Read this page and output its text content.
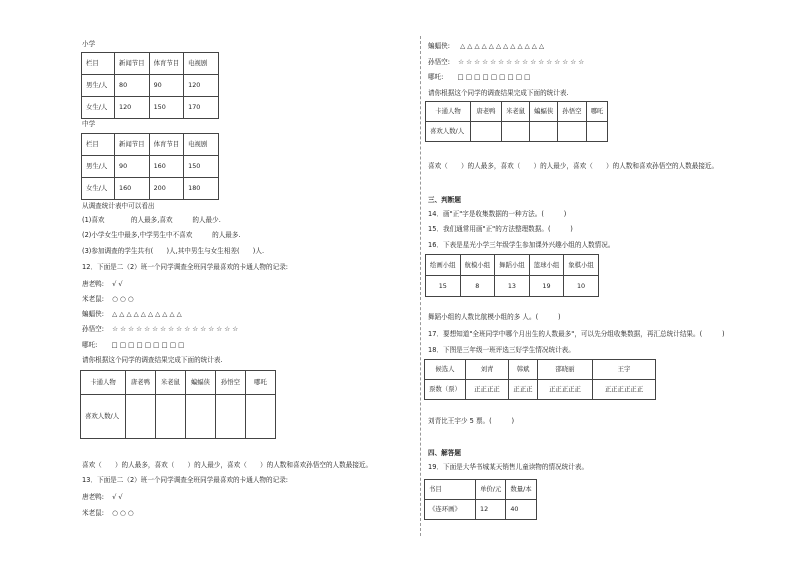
小学
栏目	新闻节目	体育节目	电视剧
男生/人	80	90	120
女生/人	120	150	170
中学
栏目	新闻节目	体育节目	电视剧
男生/人	90	160	150
女生/人	160	200	180
从调查统计表中可以看出
(1)喜欢　　　　的人最多,喜欢　　　的人最少.
(2)小学女生中最多,中学男生中不喜欢　　　的人最多.
(3)参加调查的学生共有(　　)人,其中男生与女生相差(　　)人.
12．下面是二（2）班一个同学调查全班同学最喜欢的卡通人物的记录:
唐老鸭: √ √
米老鼠: ○ ○ ○
蝙蝠侠: △ △ △ △ △ △ △ △ △ △
孙悟空: ☆ ☆ ☆ ☆ ☆ ☆ ☆ ☆ ☆ ☆ ☆ ☆ ☆ ☆ ☆ ☆
哪吒: □ □ □ □ □ □ □ □ □
请你根据这个同学的调查结果完成下面的统计表.
卡通人物	唐老鸭	米老鼠	蝙蝠侠	孙悟空	哪吒
喜欢人数/人					
喜欢（　　）的人最多，喜欢（　　）的人最少，喜欢（　　）的人数和喜欢孙悟空的人数最接近。
13．下面是二（2）班一个同学调查全班同学最喜欢的卡通人物的记录:
唐老鸭: √ √
米老鼠: ○ ○ ○
蝙蝠侠: △ △ △ △ △ △ △ △ △ △ △ △
孙悟空: ☆ ☆ ☆ ☆ ☆ ☆ ☆ ☆ ☆ ☆ ☆ ☆ ☆ ☆ ☆ ☆
哪吒: □ □ □ □ □ □ □ □ □
请你根据这个同学的调查结果完成下面的统计表.
卡通人物	唐老鸭	米老鼠	蝙蝠侠	孙悟空	哪吒
喜欢人数/人					
喜欢（　　）的人最多，喜欢（　　）的人最少，喜欢（　　）的人数和喜欢孙悟空的人数最接近。
三、判断题
14．画"正"字是收集数据的一种方法。(　　　)
15．我们通常用画"正"的方法整理数据。(　　　)
16．下表是星光小学三年级学生参加课外兴趣小组的人数情况。
绘画小组	航模小组	舞蹈小组	篮球小组	象棋小组
15	8	13	19	10
舞蹈小组的人数比航模小组的多 人。(　　　)
17．要想知道"全班同学中哪个月出生的人数最多"，可以先分组收集数据，再汇总统计结果。(　　　)
18．下图是三年级一班评选三好学生情况统计表。
候选人	刘青	韩斌	邵晓丽	王宇
票数（票）	正正正正	正正正	正正正正正	正正正正正正
刘青比王宇少 5 票。(　　　)
四、解答题
19．下面是大华书城某天销售儿童读物的情况统计表。
书目	单价/元	数量/本
《连环画》	12	40
